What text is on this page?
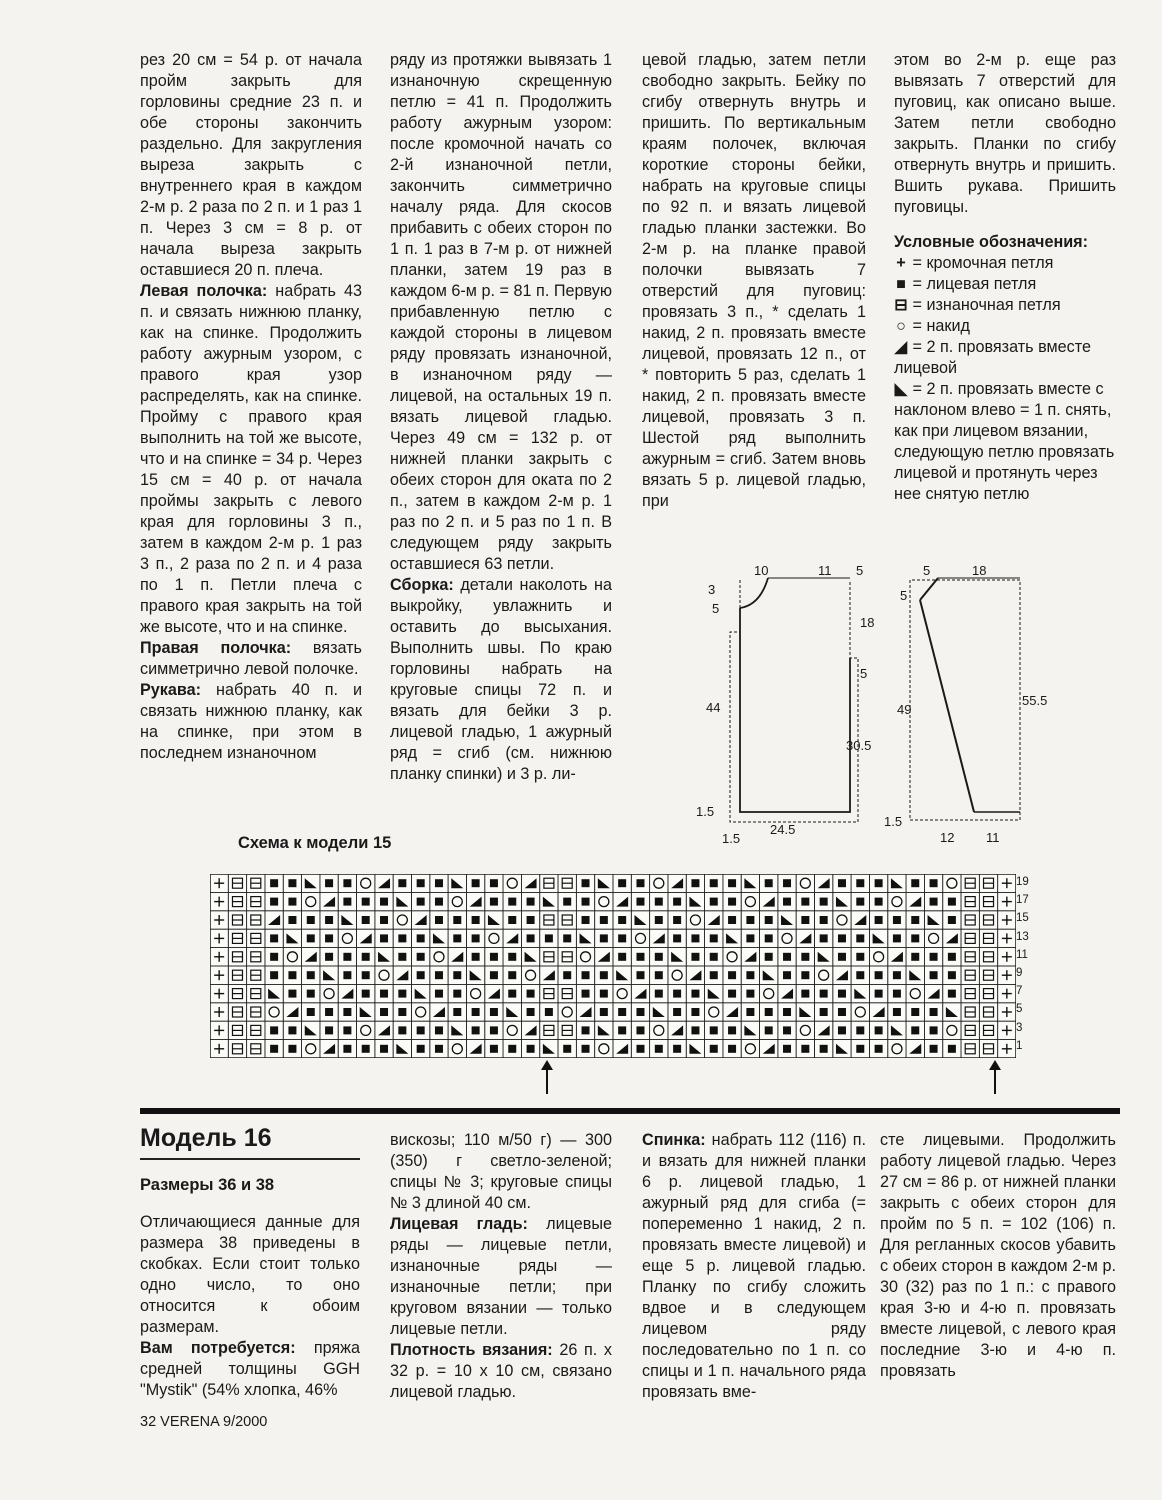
рез 20 см = 54 р. от начала пройм закрыть для горловины средние 23 п. и обе стороны закончить раздельно. Для закругления выреза закрыть с внутреннего края в каждом 2-м р. 2 раза по 2 п. и 1 раз 1 п. Через 3 см = 8 р. от начала выреза закрыть оставшиеся 20 п. плеча.

Левая полочка: набрать 43 п. и связать нижнюю планку, как на спинке. Продолжить работу ажурным узором, с правого края узор распределять, как на спинке. Пройму с правого края выполнить на той же высоте, что и на спинке = 34 р. Через 15 см = 40 р. от начала проймы закрыть с левого края для горловины 3 п., затем в каждом 2-м р. 1 раз 3 п., 2 раза по 2 п. и 4 раза по 1 п. Петли плеча с правого края закрыть на той же высоте, что и на спинке.

Правая полочка: вязать симметрично левой полочке.

Рукава: набрать 40 п. и связать нижнюю планку, как на спинке, при этом в последнем изнаночном

ряду из протяжки вывязать 1 изнаночную скрещенную петлю = 41 п. Продолжить работу ажурным узором: после кромочной начать со 2-й изнаночной петли, закончить симметрично началу ряда. Для скосов прибавить с обеих сторон по 1 п. 1 раз в 7-м р. от нижней планки, затем 19 раз в каждом 6-м р. = 81 п. Первую прибавленную петлю с каждой стороны в лицевом ряду провязать изнаночной, в изнаночном ряду — лицевой, на остальных 19 п. вязать лицевой гладью. Через 49 см = 132 р. от нижней планки закрыть с обеих сторон для оката по 2 п., затем в каждом 2-м р. 1 раз по 2 п. и 5 раз по 1 п. В следующем ряду закрыть оставшиеся 63 петли.

Сборка: детали наколоть на выкройку, увлажнить и оставить до высыхания. Выполнить швы. По краю горловины набрать на круговые спицы 72 п. и вязать для бейки 3 р. лицевой гладью, 1 ажурный ряд = сгиб (см. нижнюю планку спинки) и 3 р. ли-

цевой гладью, затем петли свободно закрыть. Бейку по сгибу отвернуть внутрь и пришить. По вертикальным краям полочек, включая короткие стороны бейки, набрать на круговые спицы по 92 п. и вязать лицевой гладью планки застежки. Во 2-м р. на планке правой полочки вывязать 7 отверстий для пуговиц: провязать 3 п., * сделать 1 накид, 2 п. провязать вместе лицевой, провязать 12 п., от * повторить 5 раз, сделать 1 накид, 2 п. провязать вместе лицевой, провязать 3 п. Шестой ряд выполнить ажурным = сгиб. Затем вновь вязать 5 р. лицевой гладью, при

этом во 2-м р. еще раз вывязать 7 отверстий для пуговиц, как описано выше. Затем петли свободно закрыть. Планки по сгибу отвернуть внутрь и пришить. Вшить рукава. Пришить пуговицы.

Условные обозначения:
+ = кромочная петля
■ = лицевая петля
⊟ = изнаночная петля
○ = накид
◢ = 2 п. провязать вместе лицевой
◣ = 2 п. провязать вместе с наклоном влево = 1 п. снять, как при лицевом вязании, следующую петлю провязать лицевой и протянуть через нее снятую петлю
10	11 5
3
5
18
5
44
30.5
1.5
1.5
24.5
5	18
5
49
55.5
1.5
12 11
Схема к модели 15
19
17
15
13
11
9
7
5
3
1
Модель 16
Размеры 36 и 38

Отличающиеся данные для размера 38 приведены в скобках. Если стоит только одно число, то оно относится к обоим размерам.

Вам потребуется: пряжа средней толщины GGH "Mystik" (54% хлопка, 46%

вискозы; 110 м/50 г) — 300 (350) г светло-зеленой; спицы № 3; круговые спицы № 3 длиной 40 см.

Лицевая гладь: лицевые ряды — лицевые петли, изнаночные ряды — изнаночные петли; при круговом вязании — только лицевые петли.

Плотность вязания: 26 п. х 32 р. = 10 х 10 см, связано лицевой гладью.

Спинка: набрать 112 (116) п. и вязать для нижней планки 6 р. лицевой гладью, 1 ажурный ряд для сгиба (= попеременно 1 накид, 2 п. провязать вместе лицевой) и еще 5 р. лицевой гладью. Планку по сгибу сложить вдвое и в следующем лицевом ряду последовательно по 1 п. со спицы и 1 п. начального ряда провязать вме-

сте лицевыми. Продолжить работу лицевой гладью. Через 27 см = 86 р. от нижней планки закрыть с обеих сторон для пройм по 5 п. = 102 (106) п. Для регланных скосов убавить с обеих сторон в каждом 2-м р. 30 (32) раз по 1 п.: с правого края 3-ю и 4-ю п. провязать вместе лицевой, с левого края последние 3-ю и 4-ю п. провязать

32 VERENA 9/2000
